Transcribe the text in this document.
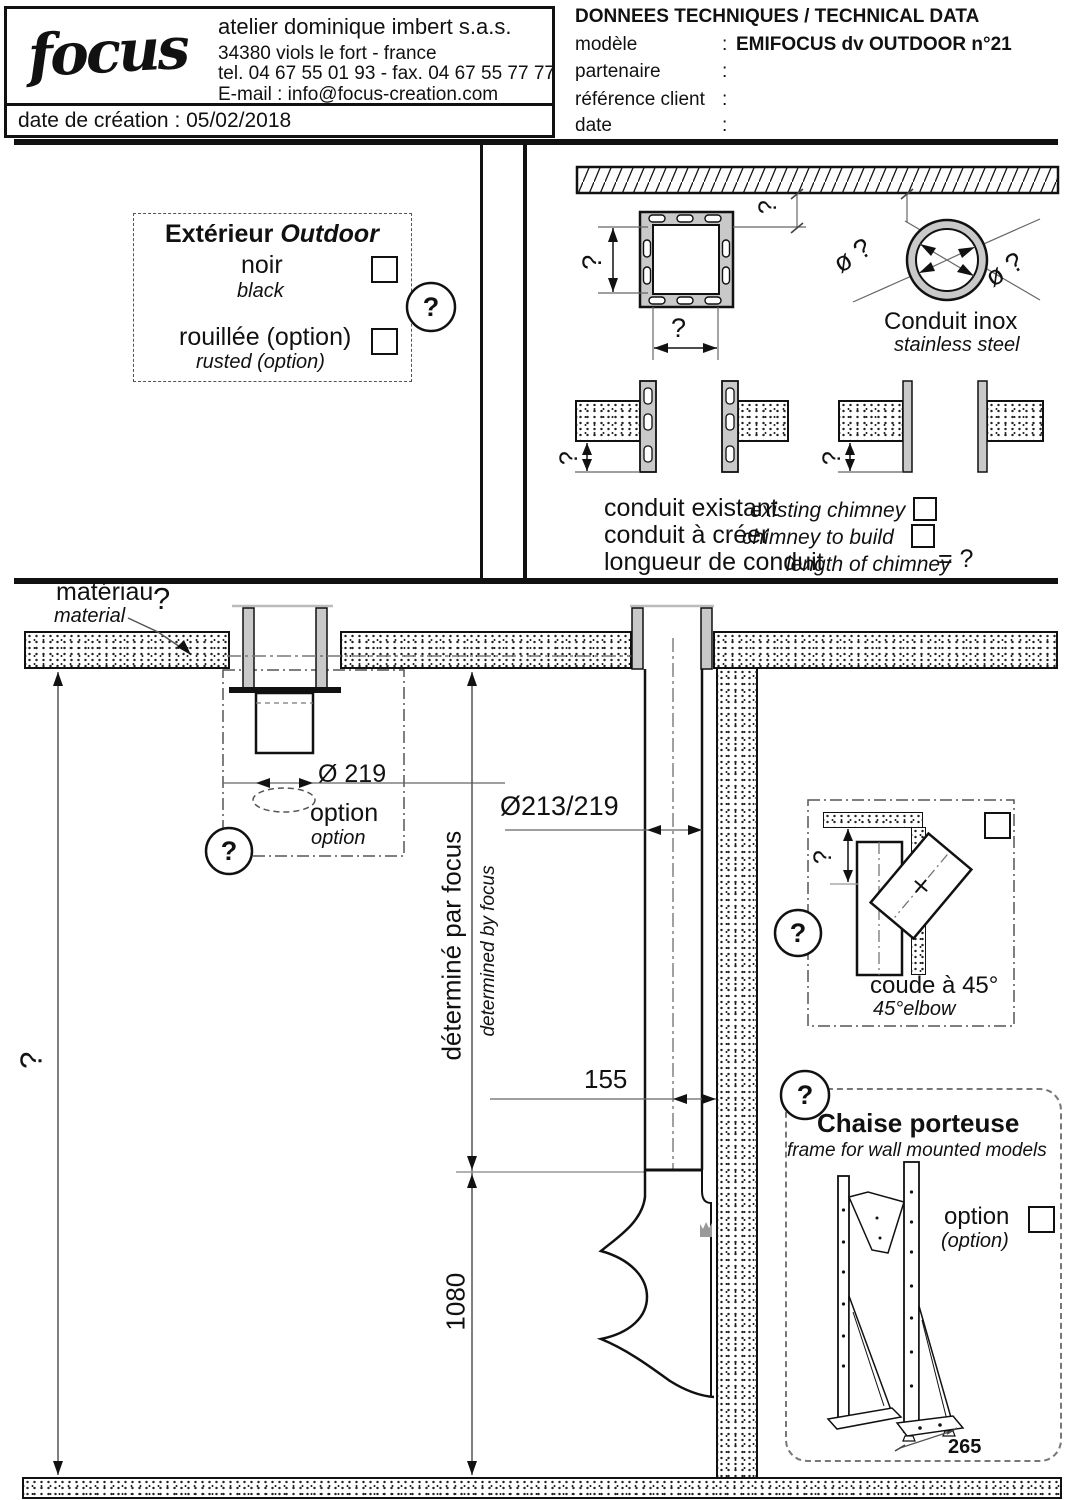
focus atelier dominique imbert s.a.s.
34380 viols le fort - france
tel. 04 67 55 01 93 - fax. 04 67 55 77 77
E-mail : info@focus-creation.com
date de création : 05/02/2018
DONNEES TECHNIQUES / TECHNICAL DATA
modèle	: EMIFOCUS dv OUTDOOR n°21
partenaire	:
référence client :
date	:
Extérieur Outdoor
noir
black
rouillée (option)
rusted (option)
?
conduit existant
existing chimney
conduit à créer
chimney to build
longueur de conduit
length of chimney
= ?
Conduit inox
stainless steel
?
?
?
ø ?	ø ?
?	?
matériau ?
material
?
Ø 219
option
option
Ø213/219
déterminé par focus determined by focus
155
1080
?
coude à 45°
45°elbow
Chaise porteuse
frame for wall mounted models
option
(option)
265
?
?
?
